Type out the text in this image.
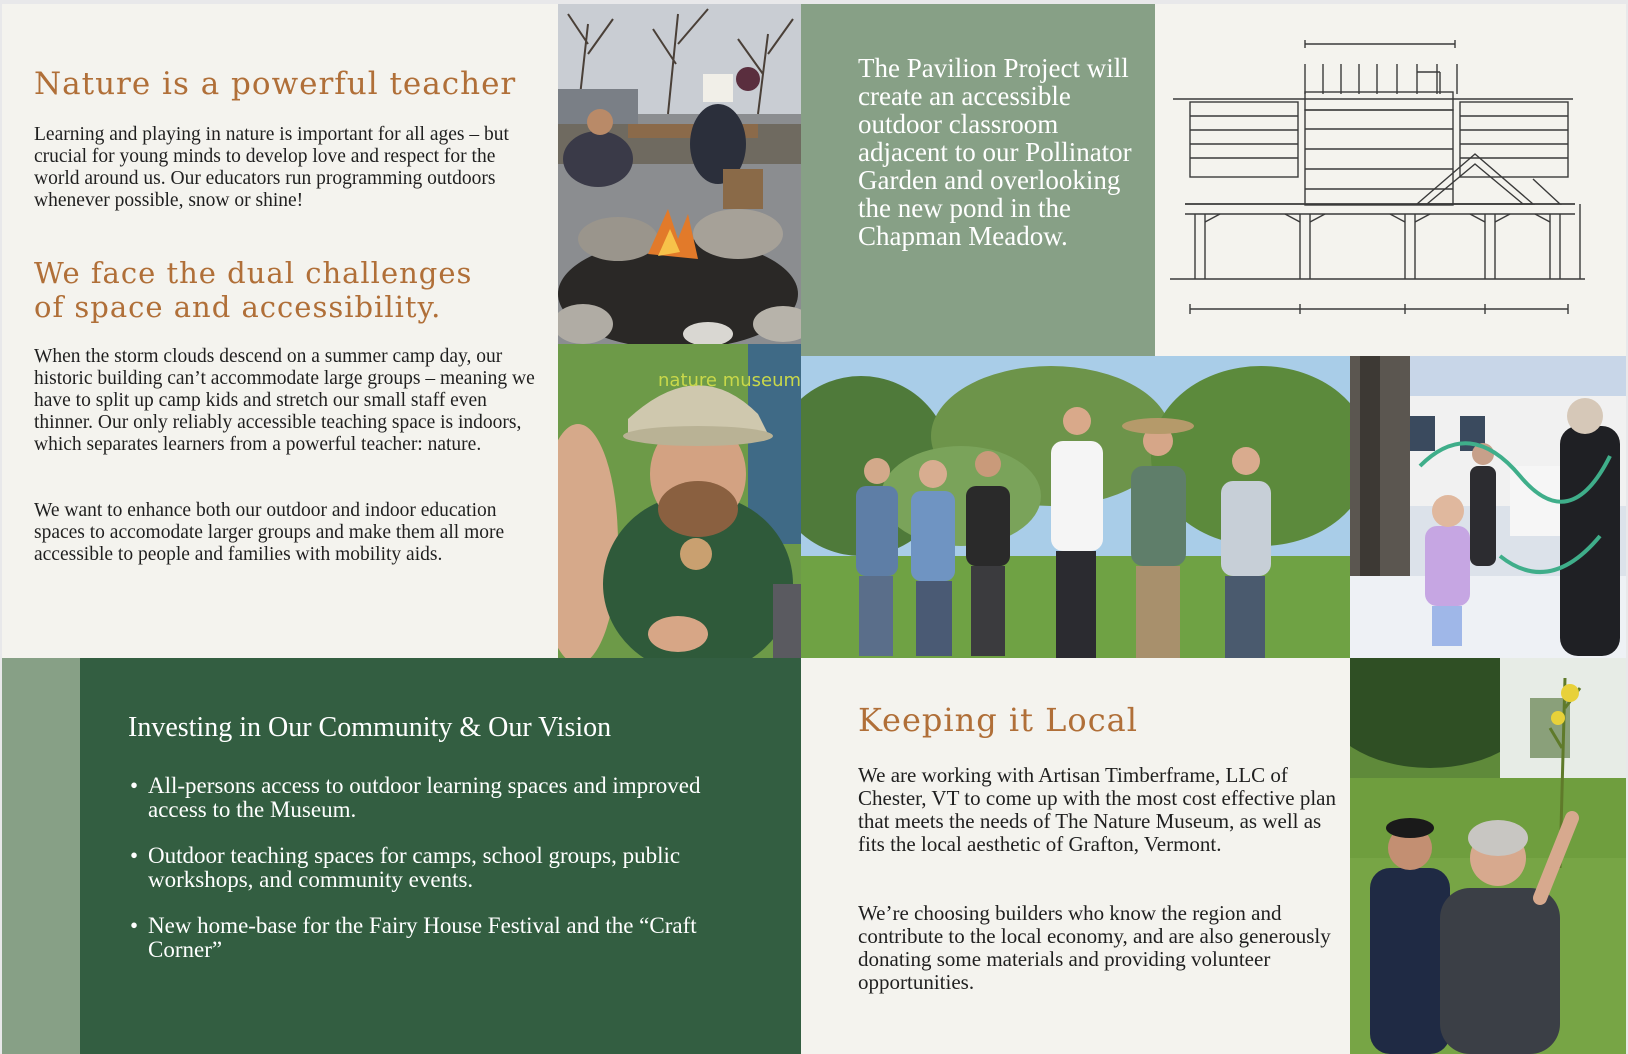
Nature is a powerful teacher

Learning and playing in nature is important for all ages – but crucial for young minds to develop love and respect for the world around us. Our educators run programming outdoors whenever possible, snow or shine!

We face the dual challenges of space and accessibility.

When the storm clouds descend on a summer camp day, our historic building can’t accommodate large groups – meaning we have to split up camp kids and stretch our small staff even thinner. Our only reliably accessible teaching space is indoors, which separates learners from a powerful teacher: nature.

We want to enhance both our outdoor and indoor education spaces to accomodate larger groups and make them all more accessible to people and families with mobility aids.

The Pavilion Project will create an accessible outdoor classroom adjacent to our Pollinator Garden and overlooking the new pond in the Chapman Meadow.

nature museum
Investing in Our Community & Our Vision
• All-persons access to outdoor learning spaces and improved access to the Museum.
• Outdoor teaching spaces for camps, school groups, public workshops, and community events.
• New home-base for the Fairy House Festival and the “Craft Corner”
Keeping it Local

We are working with Artisan Timberframe, LLC of Chester, VT to come up with the most cost effective plan that meets the needs of The Nature Museum, as well as fits the local aesthetic of Grafton, Vermont.

We’re choosing builders who know the region and contribute to the local economy, and are also generously donating some materials and providing volunteer opportunities.
